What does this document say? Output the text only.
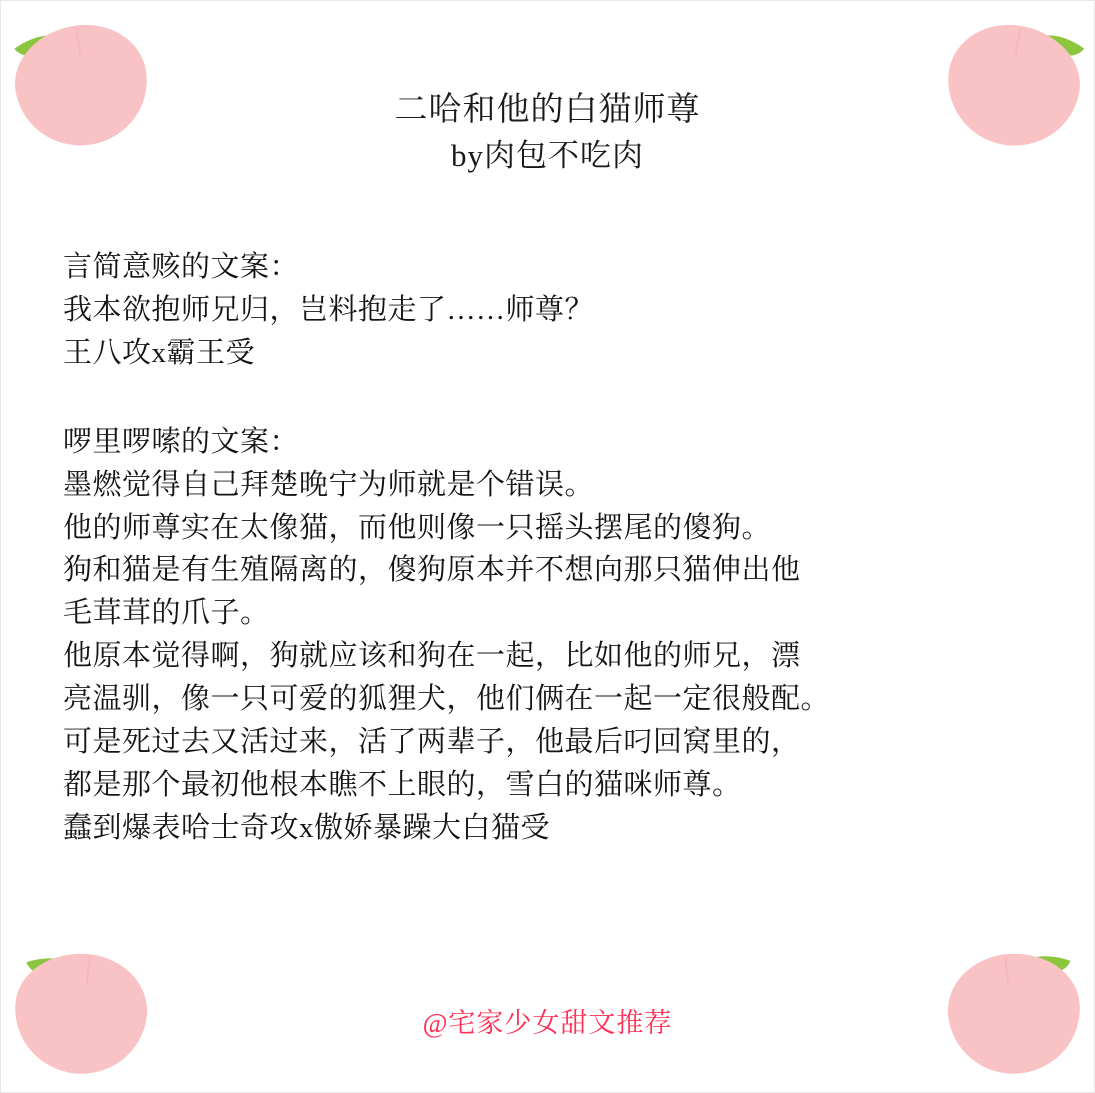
二哈和他的白猫师尊
by肉包不吃肉

言简意赅的文案：

我本欲抱师兄归，岂料抱走了……师尊？

王八攻x霸王受

啰里啰嗦的文案：

墨燃觉得自己拜楚晚宁为师就是个错误。

他的师尊实在太像猫，而他则像一只摇头摆尾的傻狗。

狗和猫是有生殖隔离的，傻狗原本并不想向那只猫伸出他

毛茸茸的爪子。

他原本觉得啊，狗就应该和狗在一起，比如他的师兄，漂

亮温驯，像一只可爱的狐狸犬，他们俩在一起一定很般配。

可是死过去又活过来，活了两辈子，他最后叼回窝里的，

都是那个最初他根本瞧不上眼的，雪白的猫咪师尊。

蠢到爆表哈士奇攻x傲娇暴躁大白猫受

@宅家少女甜文推荐
